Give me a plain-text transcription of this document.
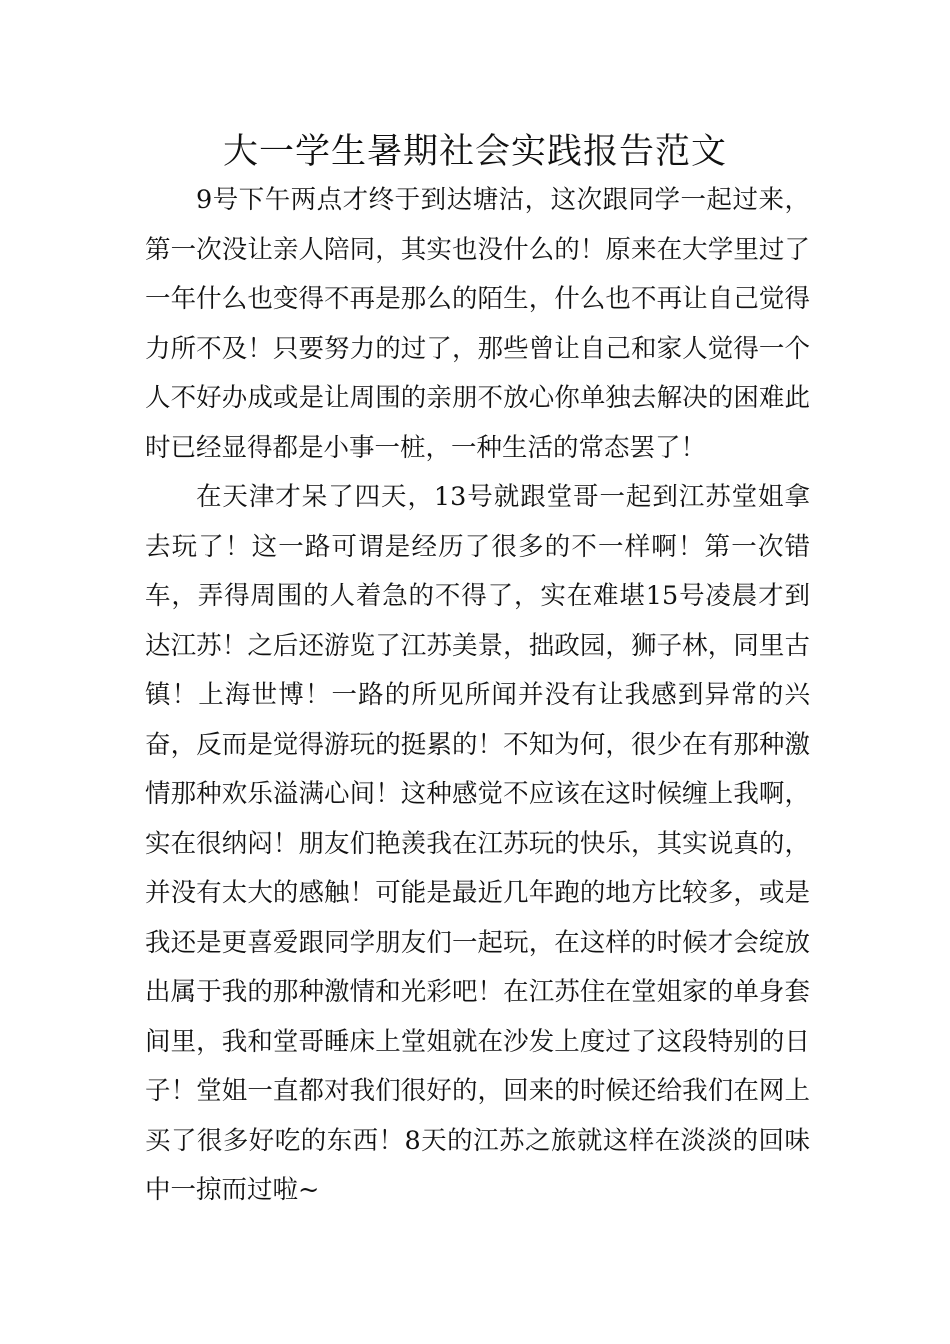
大一学生暑期社会实践报告范文

9号下午两点才终于到达塘沽，这次跟同学一起过来，第一次没让亲人陪同，其实也没什么的！原来在大学里过了一年什么也变得不再是那么的陌生，什么也不再让自己觉得力所不及！只要努力的过了，那些曾让自己和家人觉得一个人不好办成或是让周围的亲朋不放心你单独去解决的困难此时已经显得都是小事一桩，一种生活的常态罢了！

在天津才呆了四天，13号就跟堂哥一起到江苏堂姐拿去玩了！这一路可谓是经历了很多的不一样啊！第一次错车，弄得周围的人着急的不得了，实在难堪15号凌晨才到达江苏！之后还游览了江苏美景，拙政园，狮子林，同里古镇！上海世博！一路的所见所闻并没有让我感到异常的兴奋，反而是觉得游玩的挺累的！不知为何，很少在有那种激情那种欢乐溢满心间！这种感觉不应该在这时候缠上我啊，实在很纳闷！朋友们艳羡我在江苏玩的快乐，其实说真的，并没有太大的感触！可能是最近几年跑的地方比较多，或是我还是更喜爱跟同学朋友们一起玩，在这样的时候才会绽放出属于我的那种激情和光彩吧！在江苏住在堂姐家的单身套间里，我和堂哥睡床上堂姐就在沙发上度过了这段特别的日子！堂姐一直都对我们很好的，回来的时候还给我们在网上买了很多好吃的东西！8天的江苏之旅就这样在淡淡的回味中一掠而过啦~
